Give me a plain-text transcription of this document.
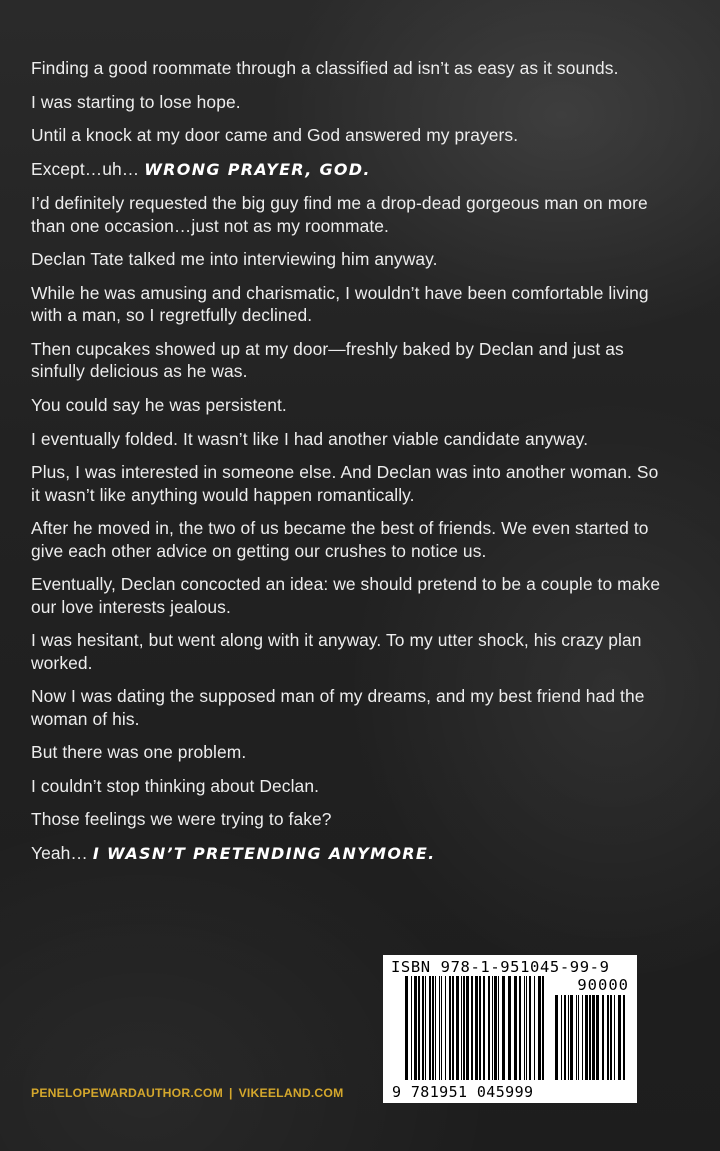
Finding a good roommate through a classified ad isn’t as easy as it sounds.

I was starting to lose hope.

Until a knock at my door came and God answered my prayers.

Except…uh… WRONG PRAYER, GOD.

I’d definitely requested the big guy find me a drop-dead gorgeous man on more than one occasion…just not as my roommate.

Declan Tate talked me into interviewing him anyway.

While he was amusing and charismatic, I wouldn’t have been comfortable living with a man, so I regretfully declined.

Then cupcakes showed up at my door—freshly baked by Declan and just as sinfully delicious as he was.

You could say he was persistent.

I eventually folded. It wasn’t like I had another viable candidate anyway.

Plus, I was interested in someone else. And Declan was into another woman. So it wasn’t like anything would happen romantically.

After he moved in, the two of us became the best of friends. We even started to give each other advice on getting our crushes to notice us.

Eventually, Declan concocted an idea: we should pretend to be a couple to make our love interests jealous.

I was hesitant, but went along with it anyway. To my utter shock, his crazy plan worked.

Now I was dating the supposed man of my dreams, and my best friend had the woman of his.

But there was one problem.

I couldn’t stop thinking about Declan.

Those feelings we were trying to fake?

Yeah… I WASN’T PRETENDING ANYMORE.

PENELOPEWARDAUTHOR.COM | VIKEELAND.COM
ISBN 978-1-951045-99-9
90000
9 781951 045999
